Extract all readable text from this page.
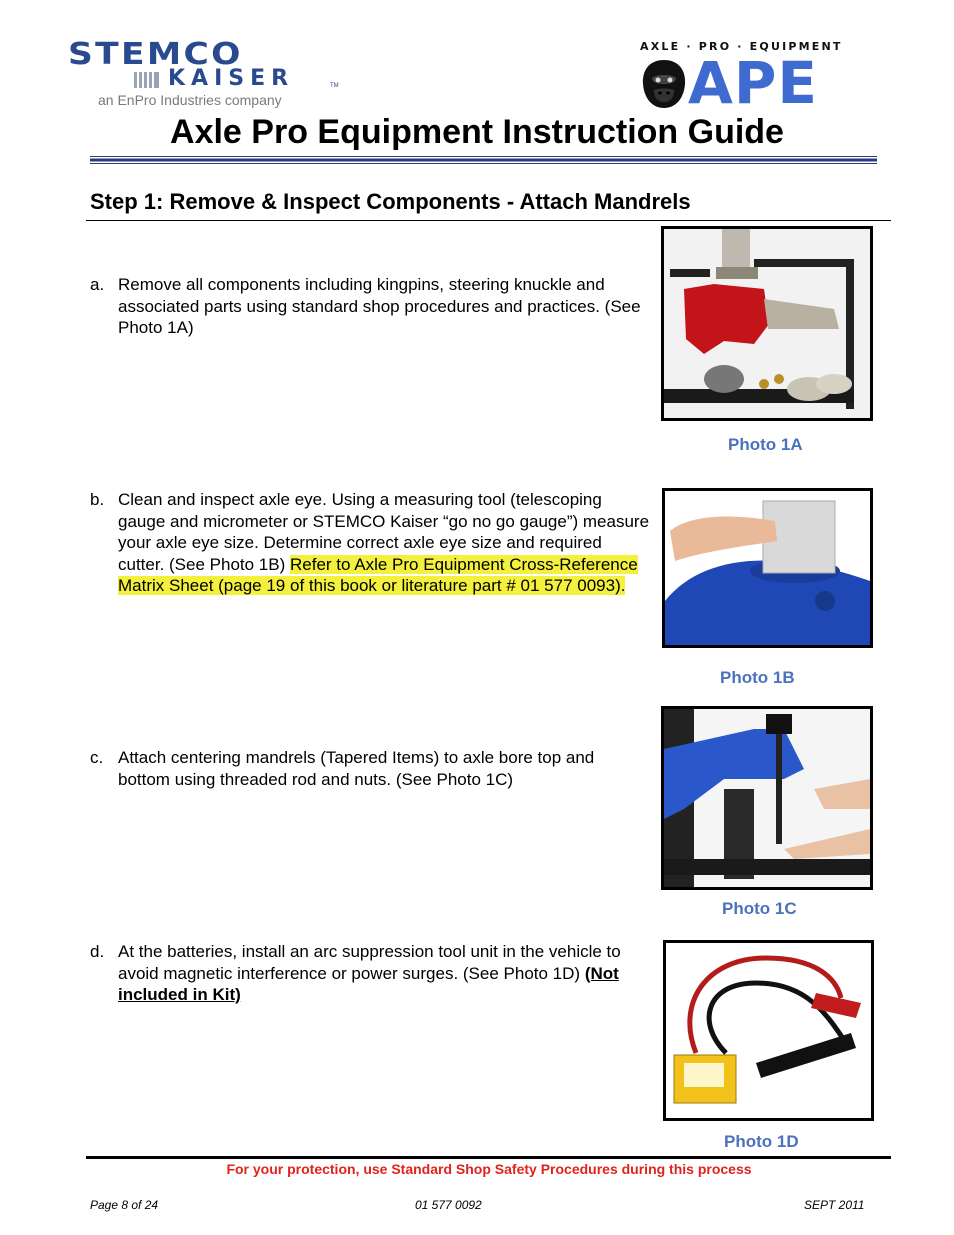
STEMCO
KAISER	TM
an EnPro Industries company
AXLE · PRO · EQUIPMENT
APE
Axle Pro Equipment Instruction Guide
Step 1: Remove & Inspect Components - Attach Mandrels
a. Remove all components including kingpins, steering knuckle and associated parts using standard shop procedures and practices. (See Photo 1A)
b. Clean and inspect axle eye. Using a measuring tool (telescoping gauge and micrometer or STEMCO Kaiser “go no go gauge”) measure your axle eye size. Determine correct axle eye size and required cutter. (See Photo 1B) Refer to Axle Pro Equipment Cross-Reference Matrix Sheet (page 19 of this book or literature part # 01 577 0093).
c. Attach centering mandrels (Tapered Items) to axle bore top and bottom using threaded rod and nuts. (See Photo 1C)
d. At the batteries, install an arc suppression tool unit in the vehicle to avoid magnetic interference or power surges. (See Photo 1D) (Not included in Kit)
Photo 1A
Photo 1B
Photo 1C
Photo 1D
For your protection, use Standard Shop Safety Procedures during this process
Page 8 of 24	01 577 0092	SEPT 2011
